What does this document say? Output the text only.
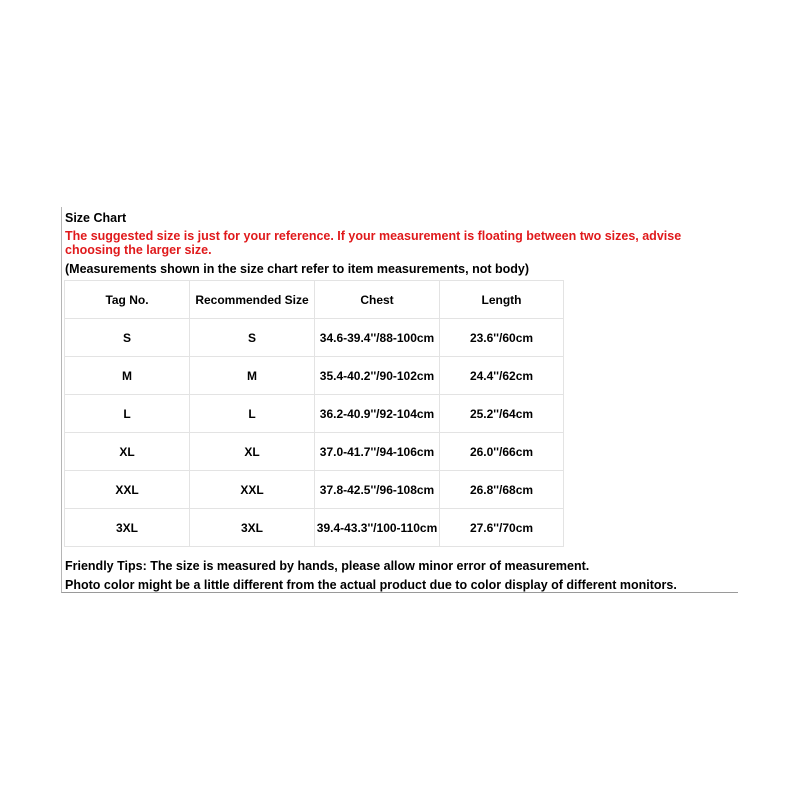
Size Chart
The suggested size is just for your reference. If your measurement is floating between two sizes, advise choosing the larger size.
(Measurements shown in the size chart refer to item measurements, not body)
Tag No.	Recommended Size	Chest	Length
S	S	34.6-39.4''/88-100cm	23.6''/60cm
M	M	35.4-40.2''/90-102cm	24.4''/62cm
L	L	36.2-40.9''/92-104cm	25.2''/64cm
XL	XL	37.0-41.7''/94-106cm	26.0''/66cm
XXL	XXL	37.8-42.5''/96-108cm	26.8''/68cm
3XL	3XL	39.4-43.3''/100-110cm	27.6''/70cm
Friendly Tips: The size is measured by hands, please allow minor error of measurement.
Photo color might be a little different from the actual product due to color display of different monitors.
